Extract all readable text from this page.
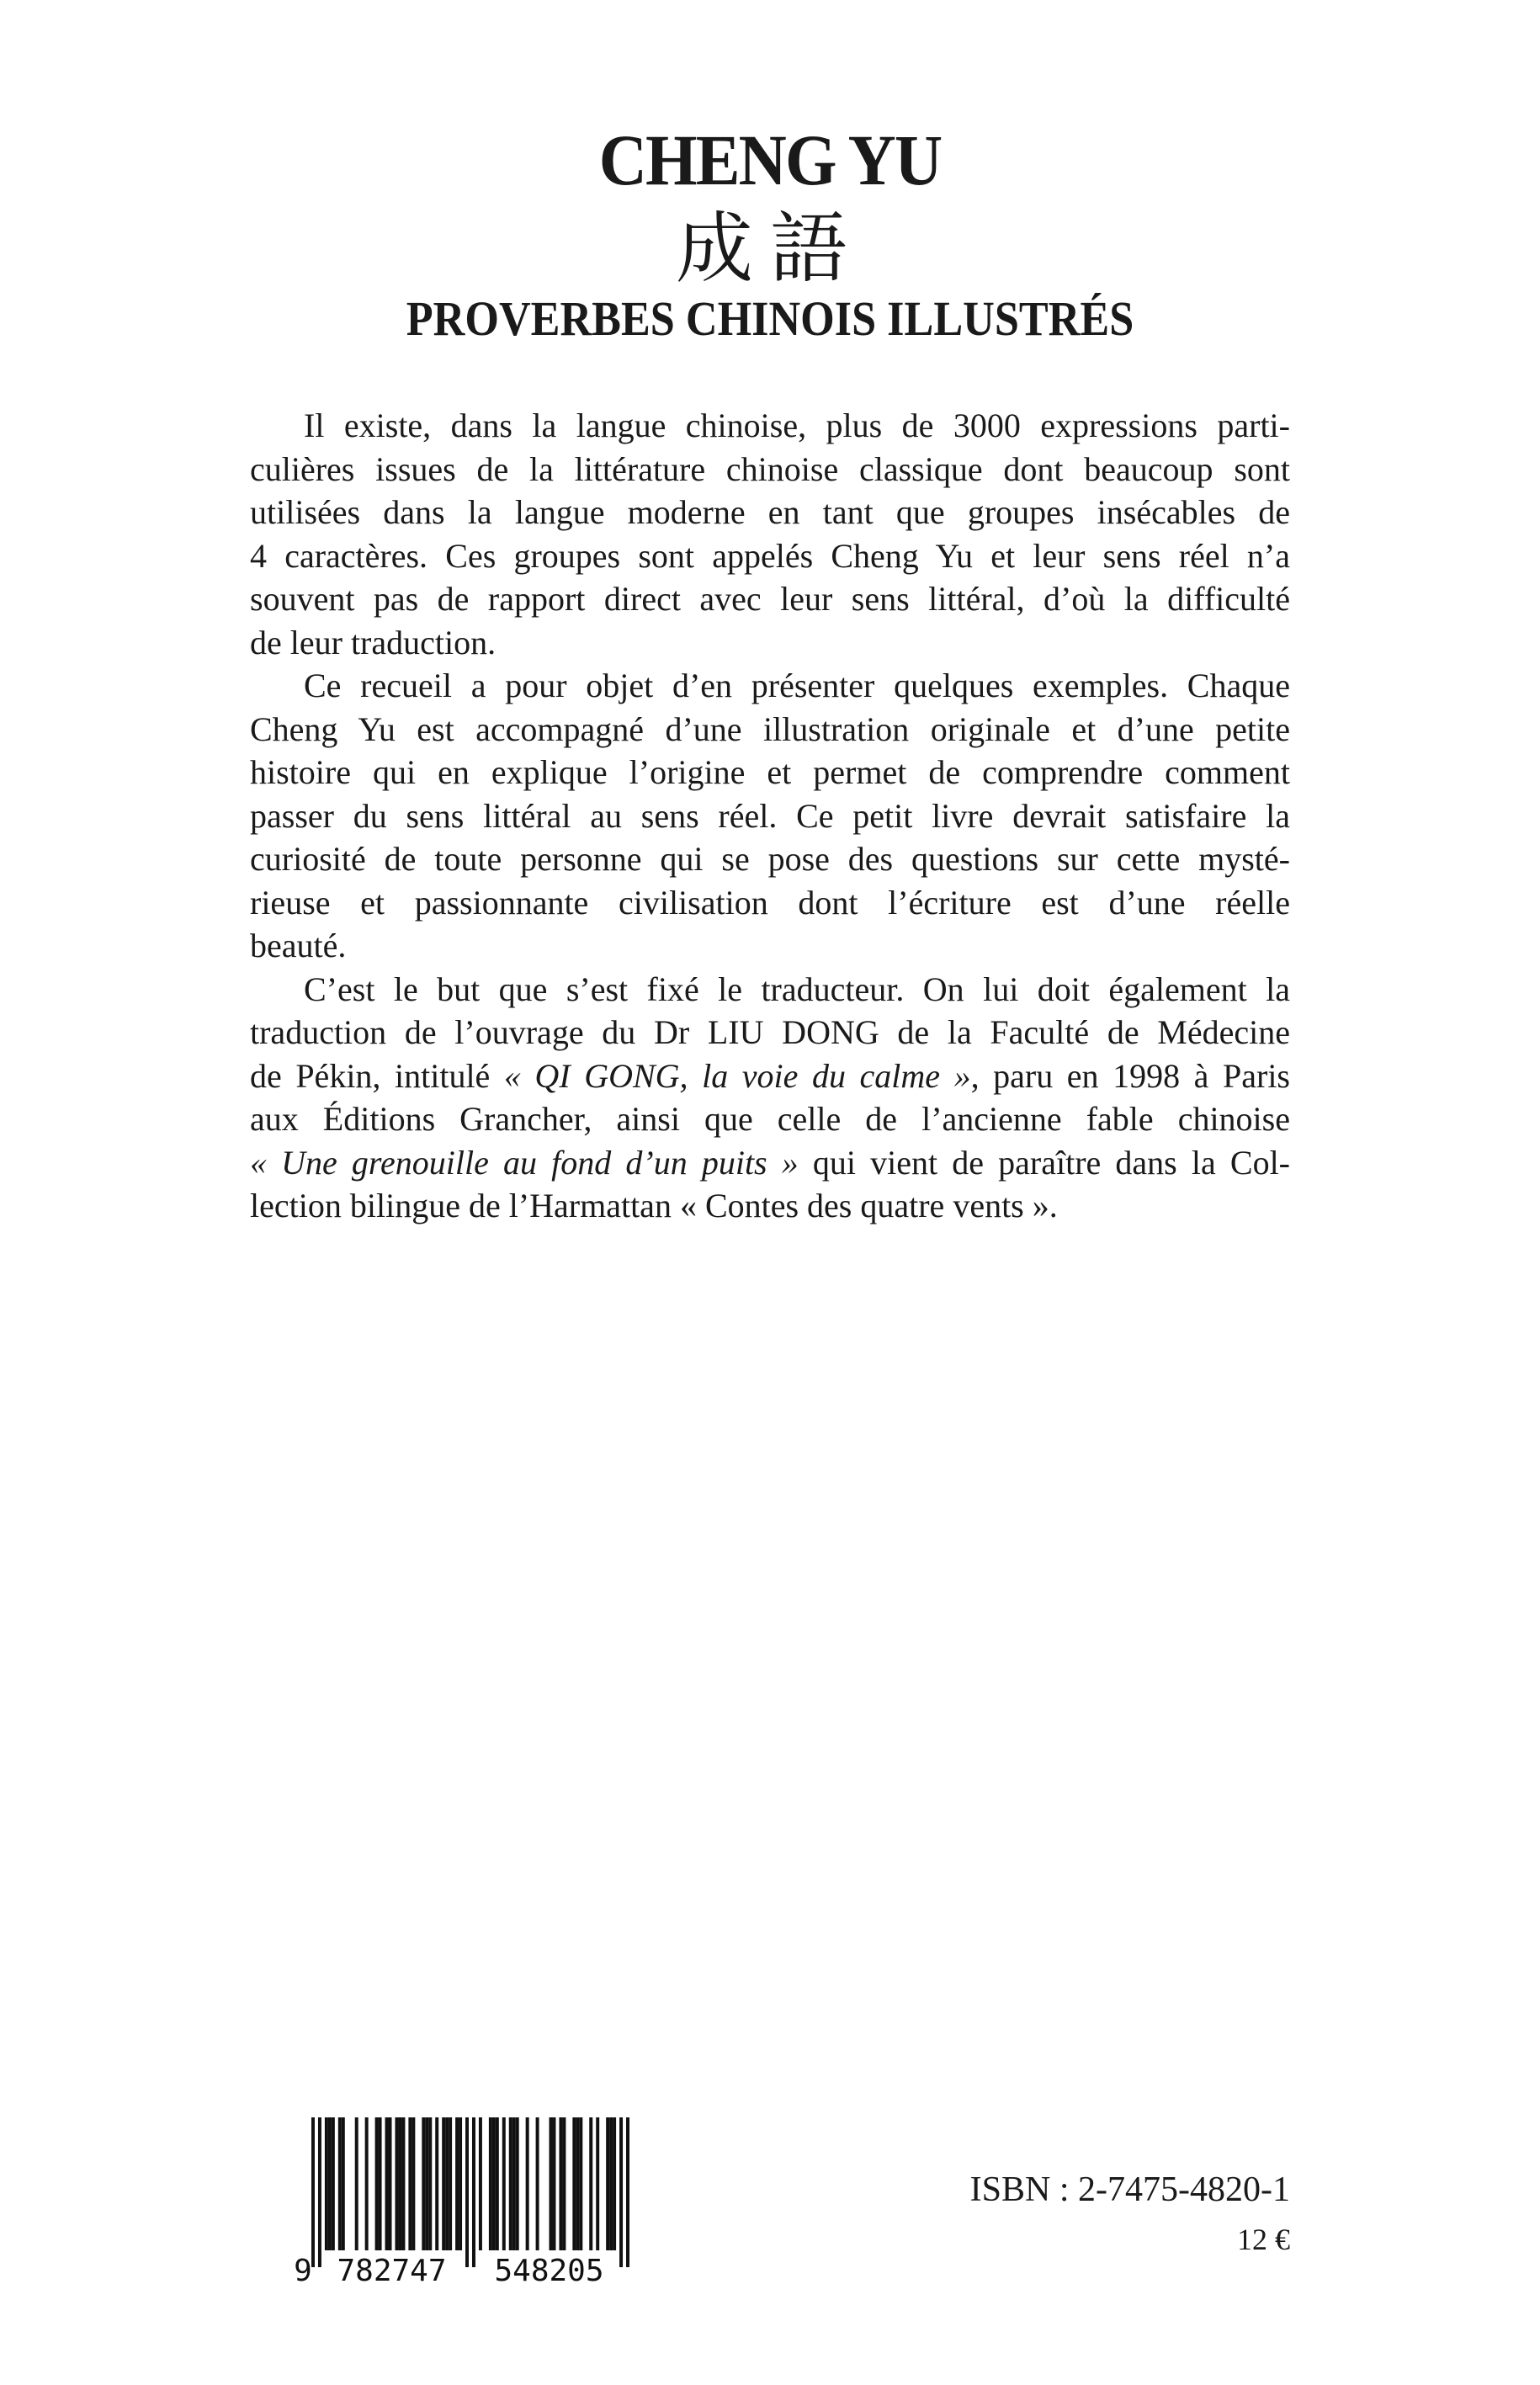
CHENG YU
成語
PROVERBES CHINOIS ILLUSTRÉS
Il existe, dans la langue chinoise, plus de 3000 expressions parti-
culières issues de la littérature chinoise classique dont beaucoup sont
utilisées dans la langue moderne en tant que groupes insécables de
4 caractères. Ces groupes sont appelés Cheng Yu et leur sens réel n’a
souvent pas de rapport direct avec leur sens littéral, d’où la difficulté
de leur traduction.
Ce recueil a pour objet d’en présenter quelques exemples. Chaque
Cheng Yu est accompagné d’une illustration originale et d’une petite
histoire qui en explique l’origine et permet de comprendre comment
passer du sens littéral au sens réel. Ce petit livre devrait satisfaire la
curiosité de toute personne qui se pose des questions sur cette mysté-
rieuse et passionnante civilisation dont l’écriture est d’une réelle
beauté.
C’est le but que s’est fixé le traducteur. On lui doit également la
traduction de l’ouvrage du Dr LIU DONG de la Faculté de Médecine
de Pékin, intitulé « QI GONG, la voie du calme », paru en 1998 à Paris
aux Éditions Grancher, ainsi que celle de l’ancienne fable chinoise
« Une grenouille au fond d’un puits » qui vient de paraître dans la Col-
lection bilingue de l’Harmattan « Contes des quatre vents ».
9 782747 548205
ISBN : 2-7475-4820-1
12 €
